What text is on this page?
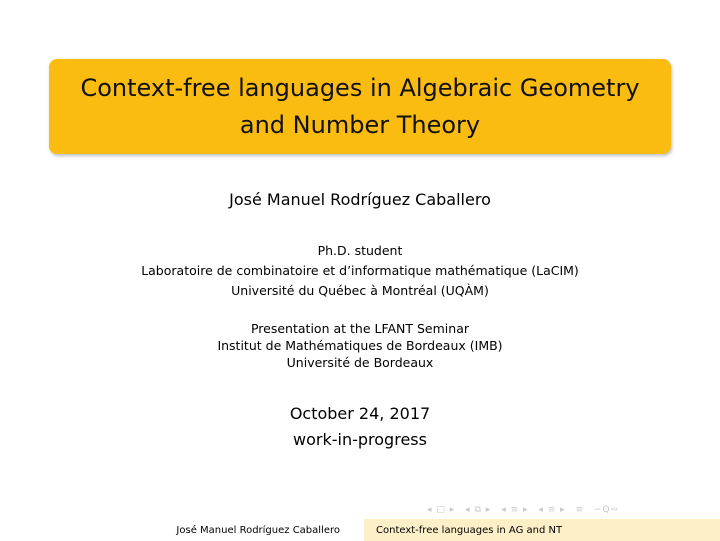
Context-free languages in Algebraic Geometry and Number Theory
José Manuel Rodríguez Caballero
Ph.D. student
Laboratoire de combinatoire et d’informatique mathématique (LaCIM)
Université du Québec à Montréal (UQÀM)
Presentation at the LFANT Seminar
Institut de Mathématiques de Bordeaux (IMB)
Université de Bordeaux
October 24, 2017
work-in-progress
◂ □ ▸ ◂ ⧉ ▸ ◂ ≡ ▸ ◂ ≡ ▸ ≡ ∽Q∾
José Manuel Rodríguez Caballero	Context-free languages in AG and NT
